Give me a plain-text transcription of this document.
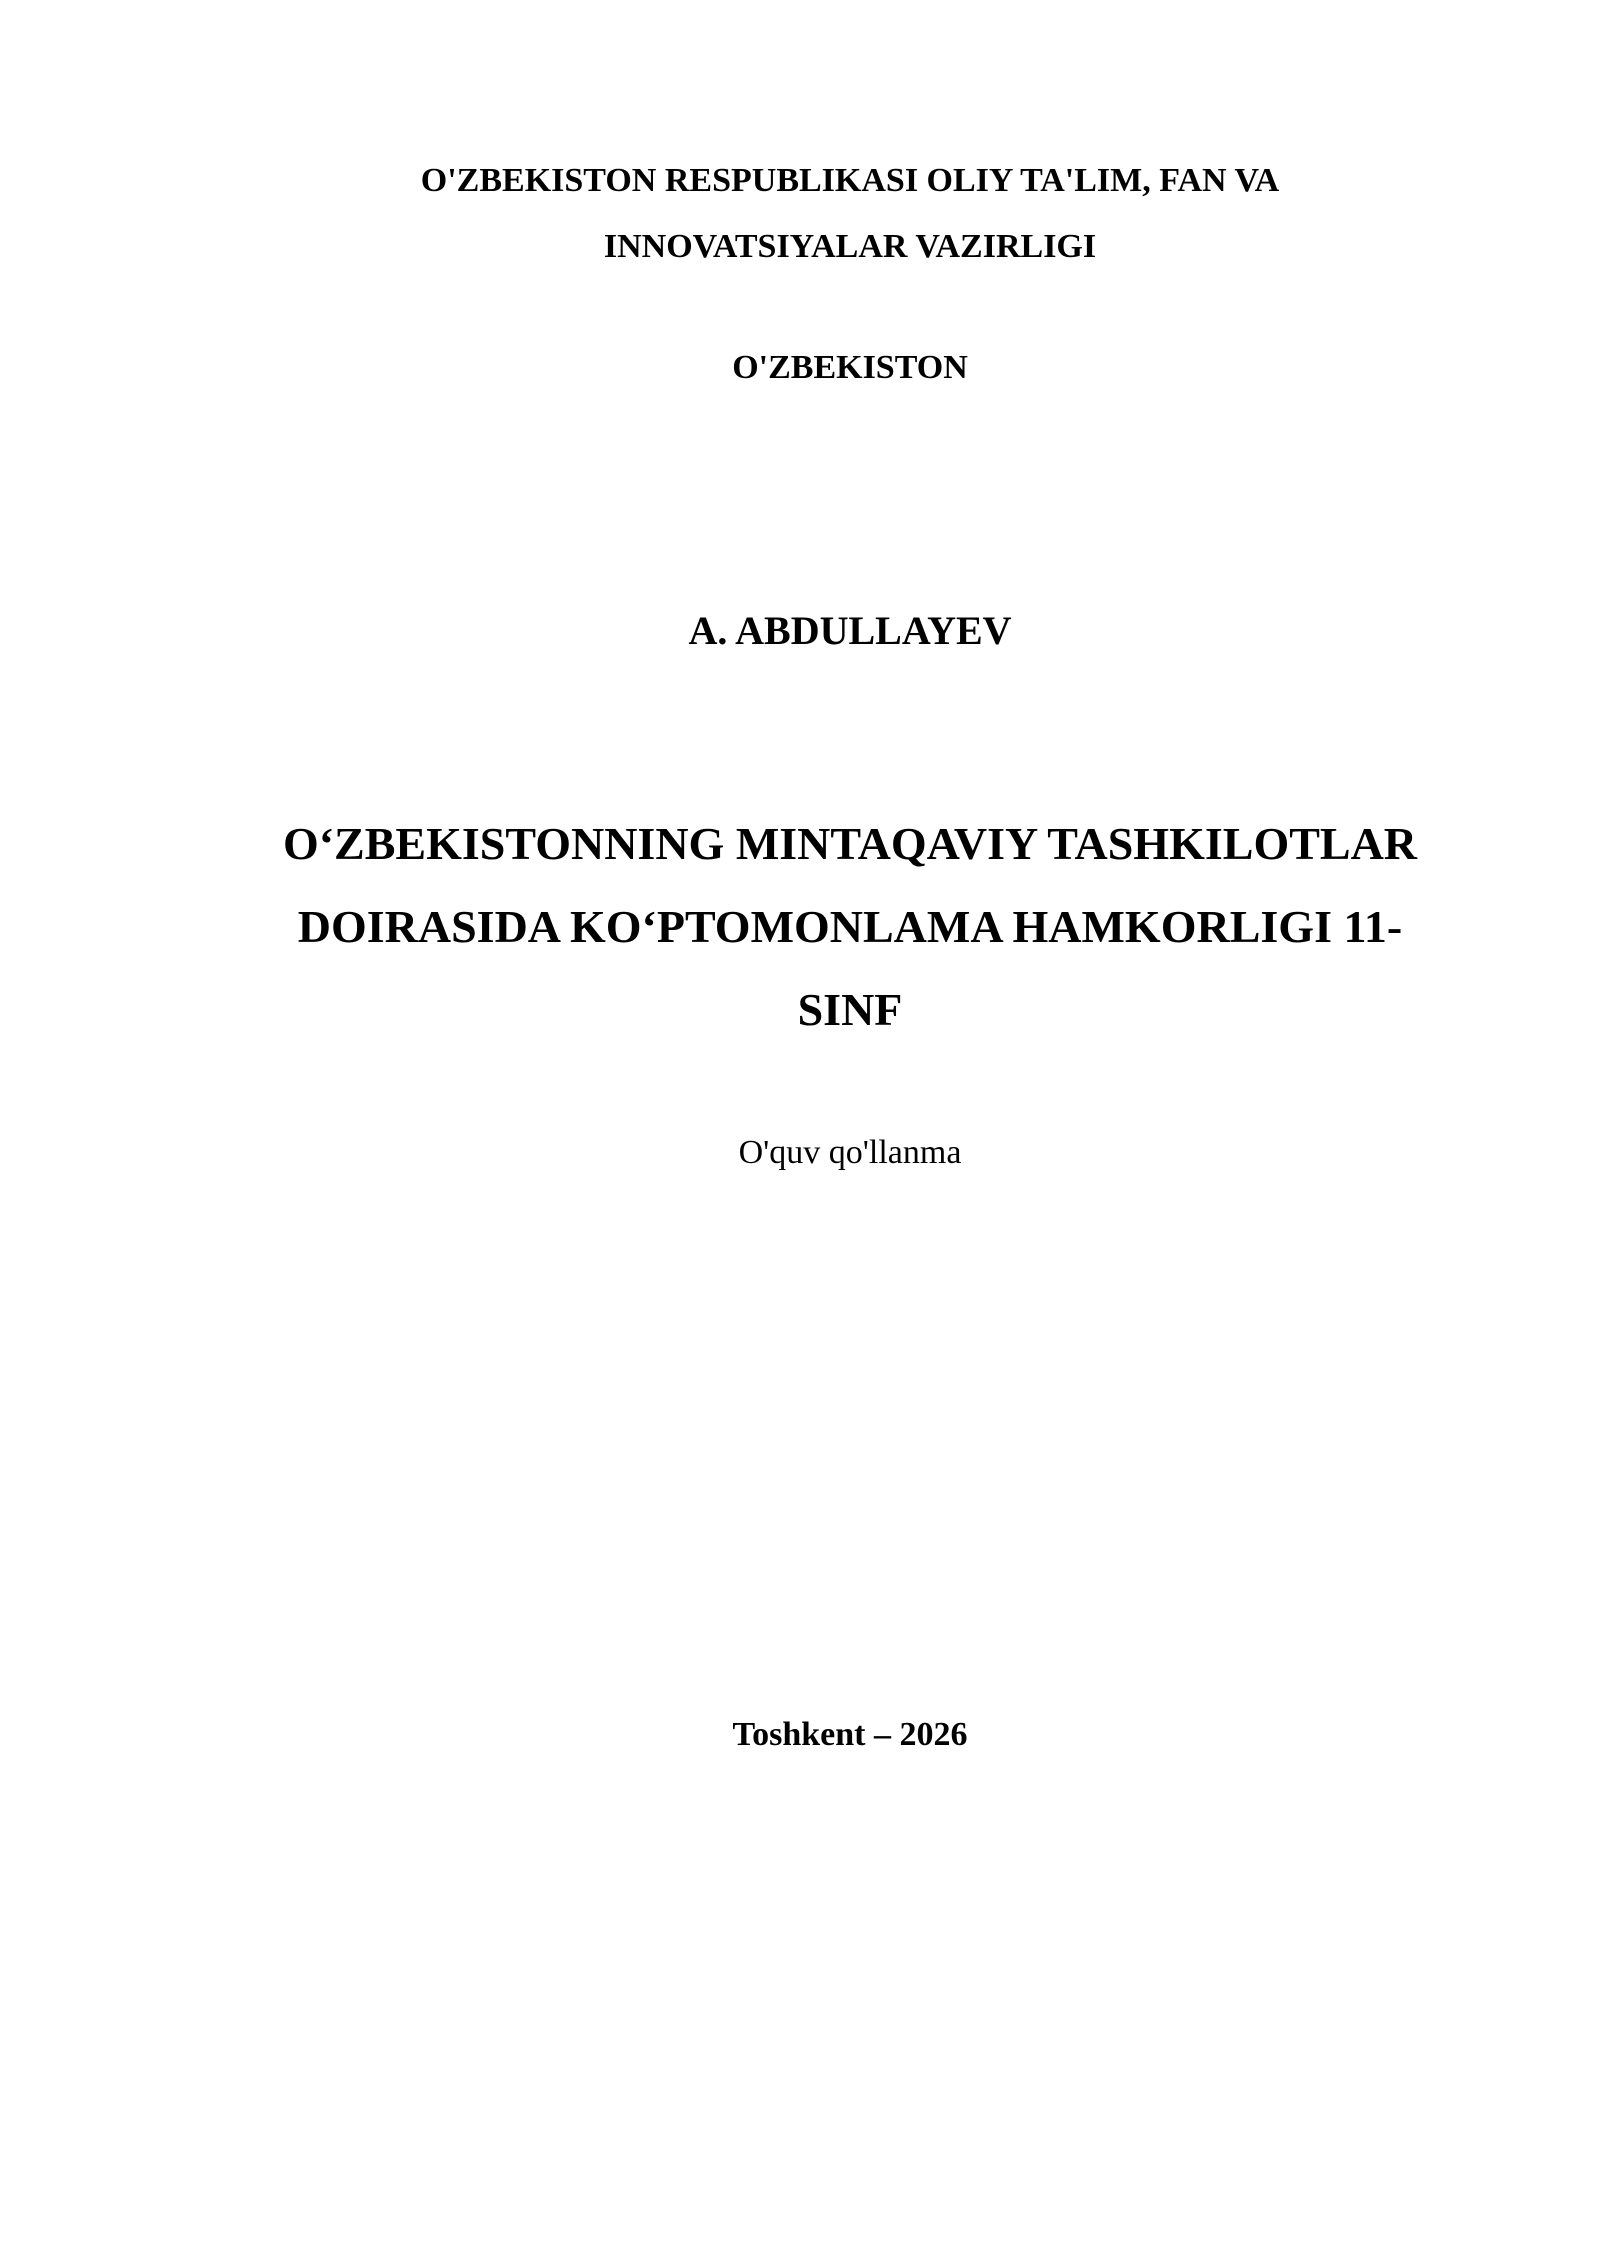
O'ZBEKISTON RESPUBLIKASI OLIY TA'LIM, FAN VA
INNOVATSIYALAR VAZIRLIGI

O'ZBEKISTON

A. ABDULLAYEV

O‘ZBEKISTONNING MINTAQAVIY TASHKILOTLAR
DOIRASIDA KO‘PTOMONLAMA HAMKORLIGI 11-
SINF

O'quv qo'llanma

Toshkent – 2026
